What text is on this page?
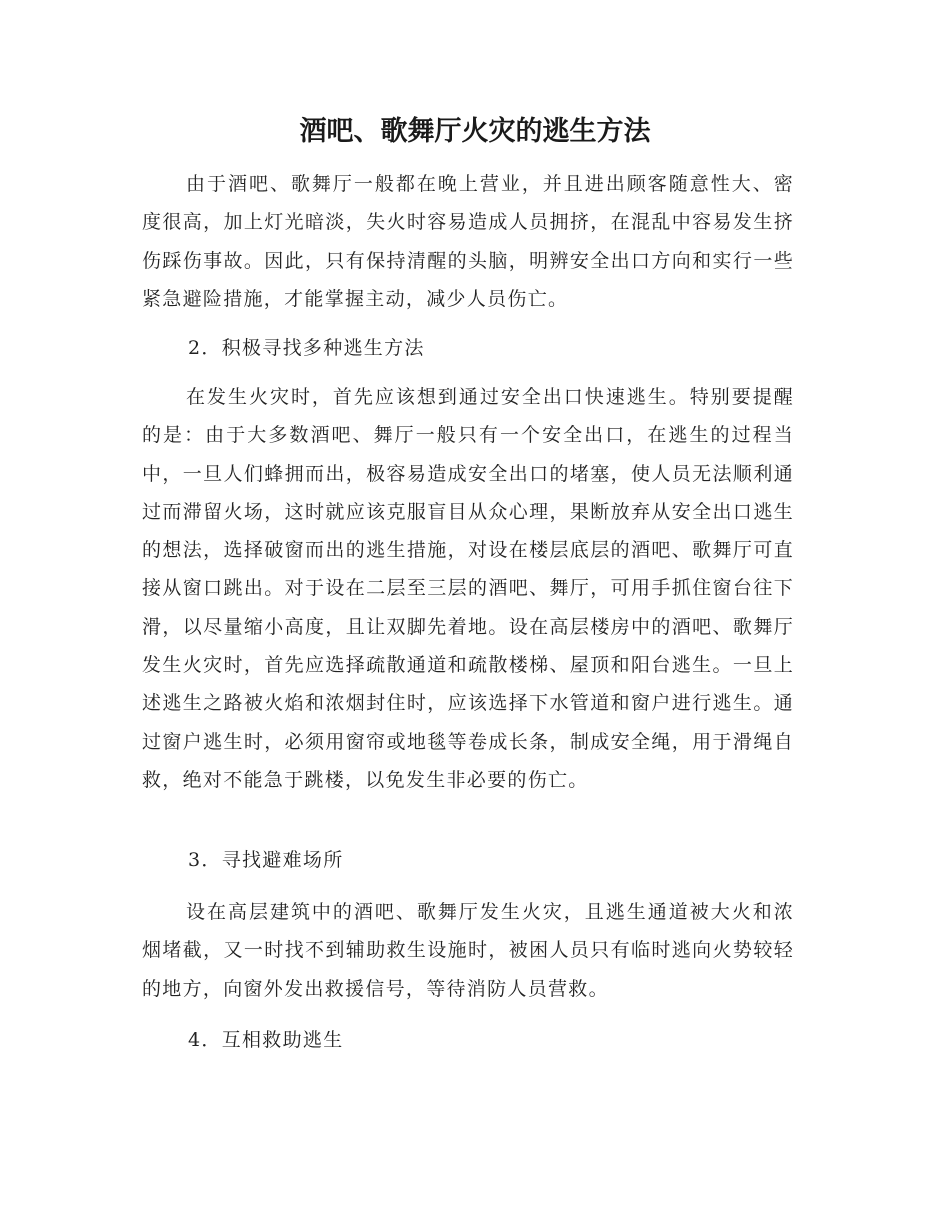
酒吧、歌舞厅火灾的逃生方法

由于酒吧、歌舞厅一般都在晚上营业，并且进出顾客随意性大、密度很高，加上灯光暗淡，失火时容易造成人员拥挤，在混乱中容易发生挤伤踩伤事故。因此，只有保持清醒的头脑，明辨安全出口方向和实行一些紧急避险措施，才能掌握主动，减少人员伤亡。

2．积极寻找多种逃生方法

在发生火灾时，首先应该想到通过安全出口快速逃生。特别要提醒的是：由于大多数酒吧、舞厅一般只有一个安全出口，在逃生的过程当中，一旦人们蜂拥而出，极容易造成安全出口的堵塞，使人员无法顺利通过而滞留火场，这时就应该克服盲目从众心理，果断放弃从安全出口逃生的想法，选择破窗而出的逃生措施，对设在楼层底层的酒吧、歌舞厅可直接从窗口跳出。对于设在二层至三层的酒吧、舞厅，可用手抓住窗台往下滑，以尽量缩小高度，且让双脚先着地。设在高层楼房中的酒吧、歌舞厅发生火灾时，首先应选择疏散通道和疏散楼梯、屋顶和阳台逃生。一旦上述逃生之路被火焰和浓烟封住时，应该选择下水管道和窗户进行逃生。通过窗户逃生时，必须用窗帘或地毯等卷成长条，制成安全绳，用于滑绳自救，绝对不能急于跳楼，以免发生非必要的伤亡。

3．寻找避难场所

设在高层建筑中的酒吧、歌舞厅发生火灾，且逃生通道被大火和浓烟堵截，又一时找不到辅助救生设施时，被困人员只有临时逃向火势较轻的地方，向窗外发出救援信号，等待消防人员营救。

4．互相救助逃生
